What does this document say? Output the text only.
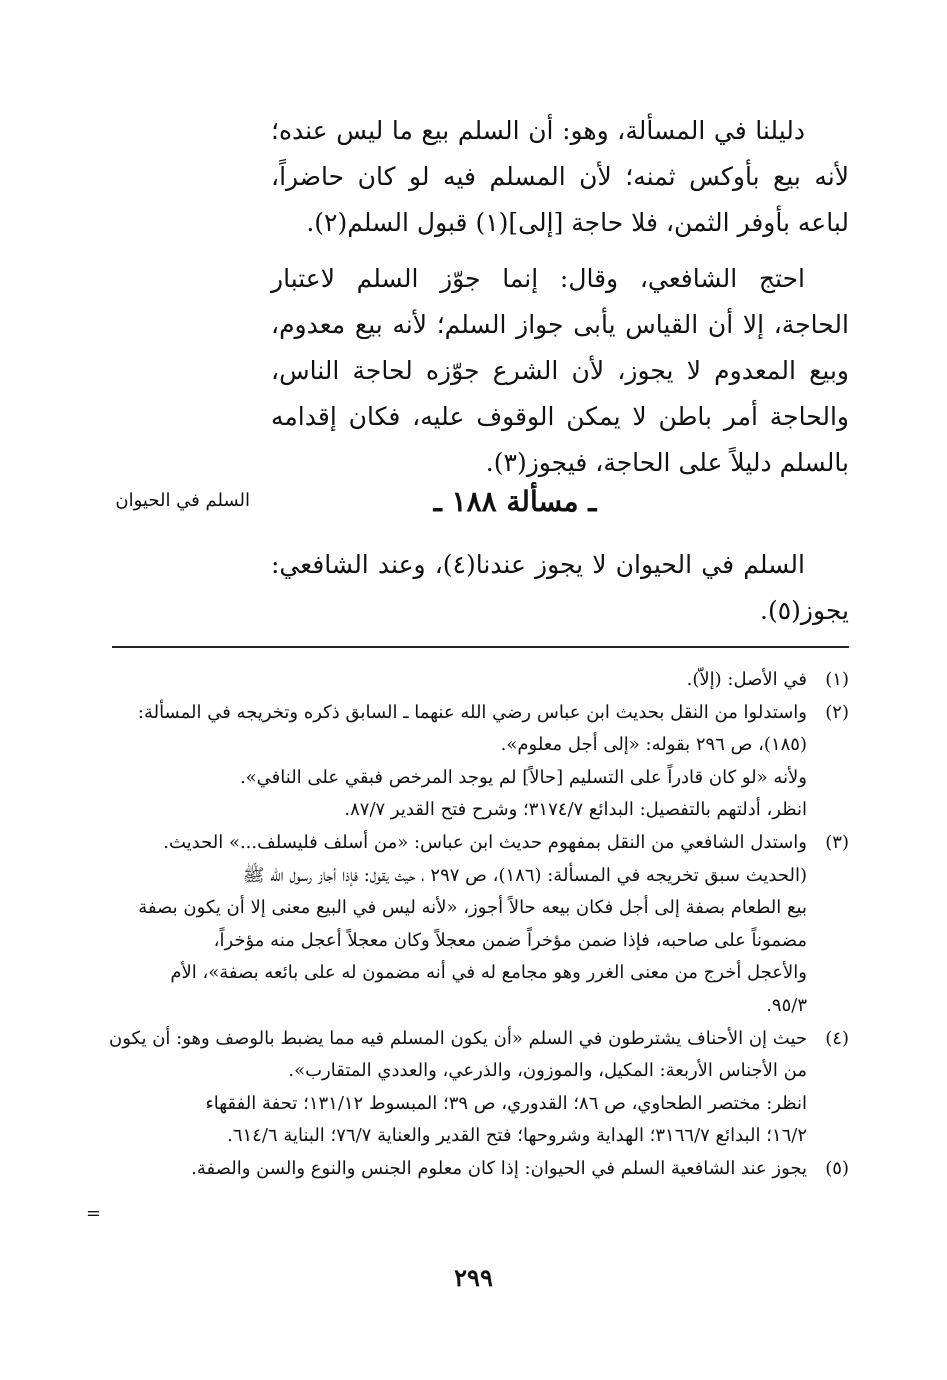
دليلنا في المسألة، وهو: أن السلم بيع ما ليس عنده؛ لأنه بيع بأوكس ثمنه؛ لأن المسلم فيه لو كان حاضراً، لباعه بأوفر الثمن، فلا حاجة [إلى](١) قبول السلم(٢).

احتج الشافعي، وقال: إنما جوّز السلم لاعتبار الحاجة، إلا أن القياس يأبى جواز السلم؛ لأنه بيع معدوم، وبيع المعدوم لا يجوز، لأن الشرع جوّزه لحاجة الناس، والحاجة أمر باطن لا يمكن الوقوف عليه، فكان إقدامه بالسلم دليلاً على الحاجة، فيجوز(٣).

ـ مسألة ١٨٨ ـ
السلم في الحيوان

السلم في الحيوان لا يجوز عندنا(٤)، وعند الشافعي: يجوز(٥).

(١)
في الأصل: (إلاّ).
(٢)
واستدلوا من النقل بحديث ابن عباس رضي الله عنهما ـ السابق ذكره وتخريجه في المسألة:
(١٨٥)، ص ٢٩٦ بقوله: «إلى أجل معلوم».
ولأنه «لو كان قادراً على التسليم [حالاً] لم يوجد المرخص فبقي على النافي».
انظر، أدلتهم بالتفصيل: البدائع ٣١٧٤/٧؛ وشرح فتح القدير ٨٧/٧.
(٣)
واستدل الشافعي من النقل بمفهوم حديث ابن عباس: «من أسلف فليسلف...» الحديث.
(الحديث سبق تخريجه في المسألة: (١٨٦)، ص ٢٩٧ ، حيث يقول: فإذا أجاز رسول الله ﷺ
بيع الطعام بصفة إلى أجل فكان بيعه حالاً أجوز، «لأنه ليس في البيع معنى إلا أن يكون بصفة
مضموناً على صاحبه، فإذا ضمن مؤخراً ضمن معجلاً وكان معجلاً أعجل منه مؤخراً،
والأعجل أخرج من معنى الغرر وهو مجامع له في أنه مضمون له على بائعه بصفة»، الأم
٩٥/٣.
(٤)
حيث إن الأحناف يشترطون في السلم «أن يكون المسلم فيه مما يضبط بالوصف وهو: أن يكون
من الأجناس الأربعة: المكيل، والموزون، والذرعي، والعددي المتقارب».
انظر: مختصر الطحاوي، ص ٨٦؛ القدوري، ص ٣٩؛ المبسوط ١٣١/١٢؛ تحفة الفقهاء
١٦/٢؛ البدائع ٣١٦٦/٧؛ الهداية وشروحها؛ فتح القدير والعناية ٧٦/٧؛ البناية ٦١٤/٦.
(٥)
يجوز عند الشافعية السلم في الحيوان: إذا كان معلوم الجنس والنوع والسن والصفة.
=
٢٩٩
